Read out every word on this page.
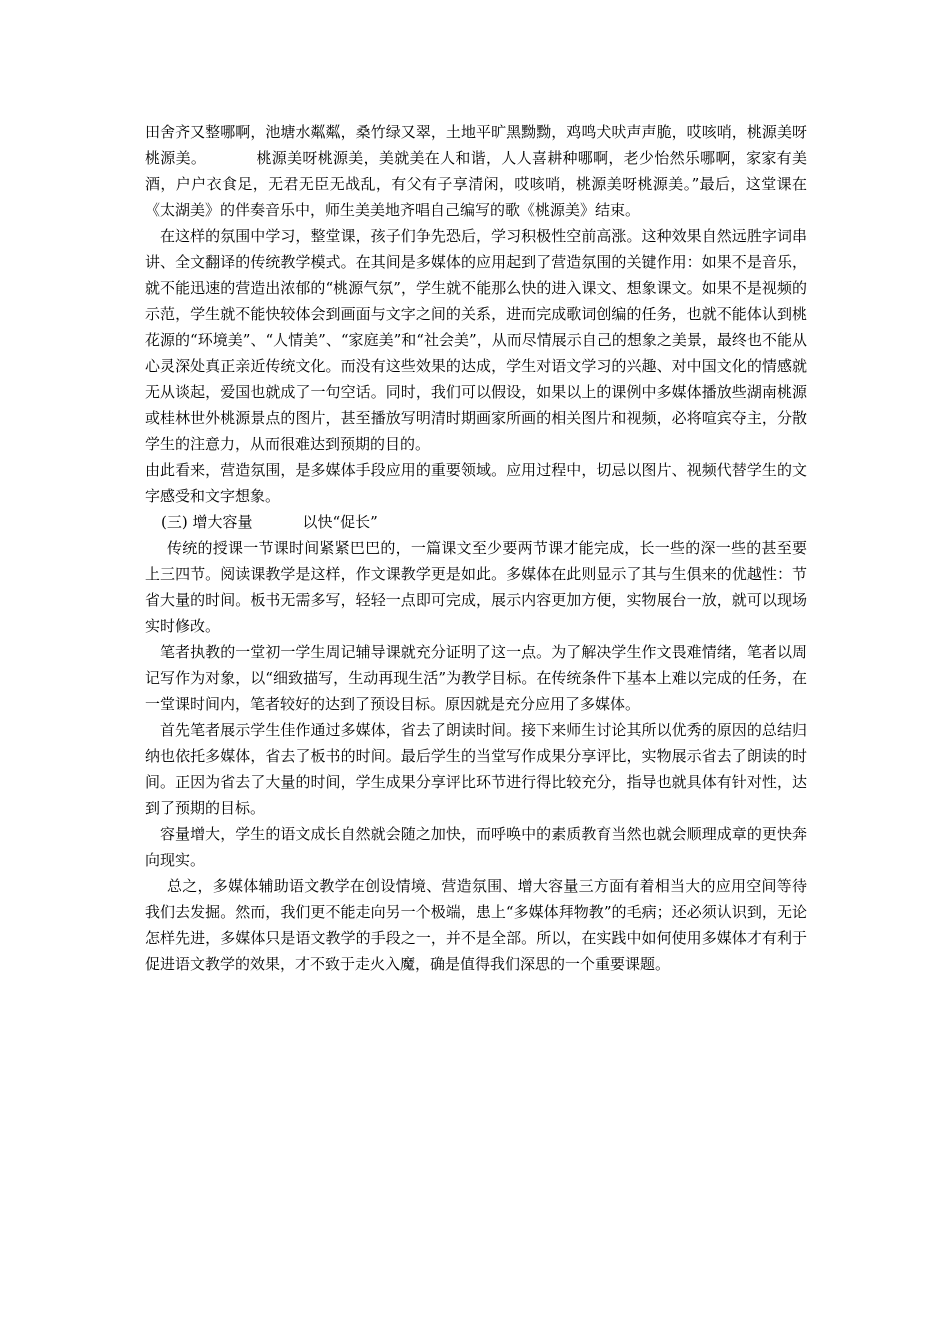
田舍齐又整哪啊，池塘水粼粼，桑竹绿又翠，土地平旷黑黝黝，鸡鸣犬吠声声脆，哎咳哨，桃源美呀桃源美。	桃源美呀桃源美，美就美在人和谐，人人喜耕种哪啊，老少怡然乐哪啊，家家有美酒，户户衣食足，无君无臣无战乱，有父有子享清闲，哎咳哨，桃源美呀桃源美。”最后，这堂课在《太湖美》的伴奏音乐中，师生美美地齐唱自己编写的歌《桃源美》结束。

在这样的氛围中学习，整堂课，孩子们争先恐后，学习积极性空前高涨。这种效果自然远胜字词串讲、全文翻译的传统教学模式。在其间是多媒体的应用起到了营造氛围的关键作用：如果不是音乐，就不能迅速的营造出浓郁的“桃源气氛”，学生就不能那么快的进入课文、想象课文。如果不是视频的示范，学生就不能快较体会到画面与文字之间的关系，进而完成歌词创编的任务，也就不能体认到桃花源的“环境美”、“人情美”、“家庭美”和“社会美”，从而尽情展示自己的想象之美景，最终也不能从心灵深处真正亲近传统文化。而没有这些效果的达成，学生对语文学习的兴趣、对中国文化的情感就无从谈起，爱国也就成了一句空话。同时，我们可以假设，如果以上的课例中多媒体播放些湖南桃源或桂林世外桃源景点的图片，甚至播放写明清时期画家所画的相关图片和视频，必将喧宾夺主，分散学生的注意力，从而很难达到预期的目的。

由此看来，营造氛围，是多媒体手段应用的重要领域。应用过程中，切忌以图片、视频代替学生的文字感受和文字想象。

(三) 增大容量	以快“促长”

传统的授课一节课时间紧紧巴巴的，一篇课文至少要两节课才能完成，长一些的深一些的甚至要上三四节。阅读课教学是这样，作文课教学更是如此。多媒体在此则显示了其与生俱来的优越性：节省大量的时间。板书无需多写，轻轻一点即可完成，展示内容更加方便，实物展台一放，就可以现场实时修改。

笔者执教的一堂初一学生周记辅导课就充分证明了这一点。为了解决学生作文畏难情绪，笔者以周记写作为对象，以“细致描写，生动再现生活”为教学目标。在传统条件下基本上难以完成的任务，在一堂课时间内，笔者较好的达到了预设目标。原因就是充分应用了多媒体。

首先笔者展示学生佳作通过多媒体，省去了朗读时间。接下来师生讨论其所以优秀的原因的总结归纳也依托多媒体，省去了板书的时间。最后学生的当堂写作成果分享评比，实物展示省去了朗读的时间。正因为省去了大量的时间，学生成果分享评比环节进行得比较充分，指导也就具体有针对性，达到了预期的目标。

容量增大，学生的语文成长自然就会随之加快，而呼唤中的素质教育当然也就会顺理成章的更快奔向现实。

总之，多媒体辅助语文教学在创设情境、营造氛围、增大容量三方面有着相当大的应用空间等待我们去发掘。然而，我们更不能走向另一个极端，患上“多媒体拜物教”的毛病；还必须认识到，无论怎样先进，多媒体只是语文教学的手段之一，并不是全部。所以，在实践中如何使用多媒体才有利于促进语文教学的效果，才不致于走火入魔，确是值得我们深思的一个重要课题。
